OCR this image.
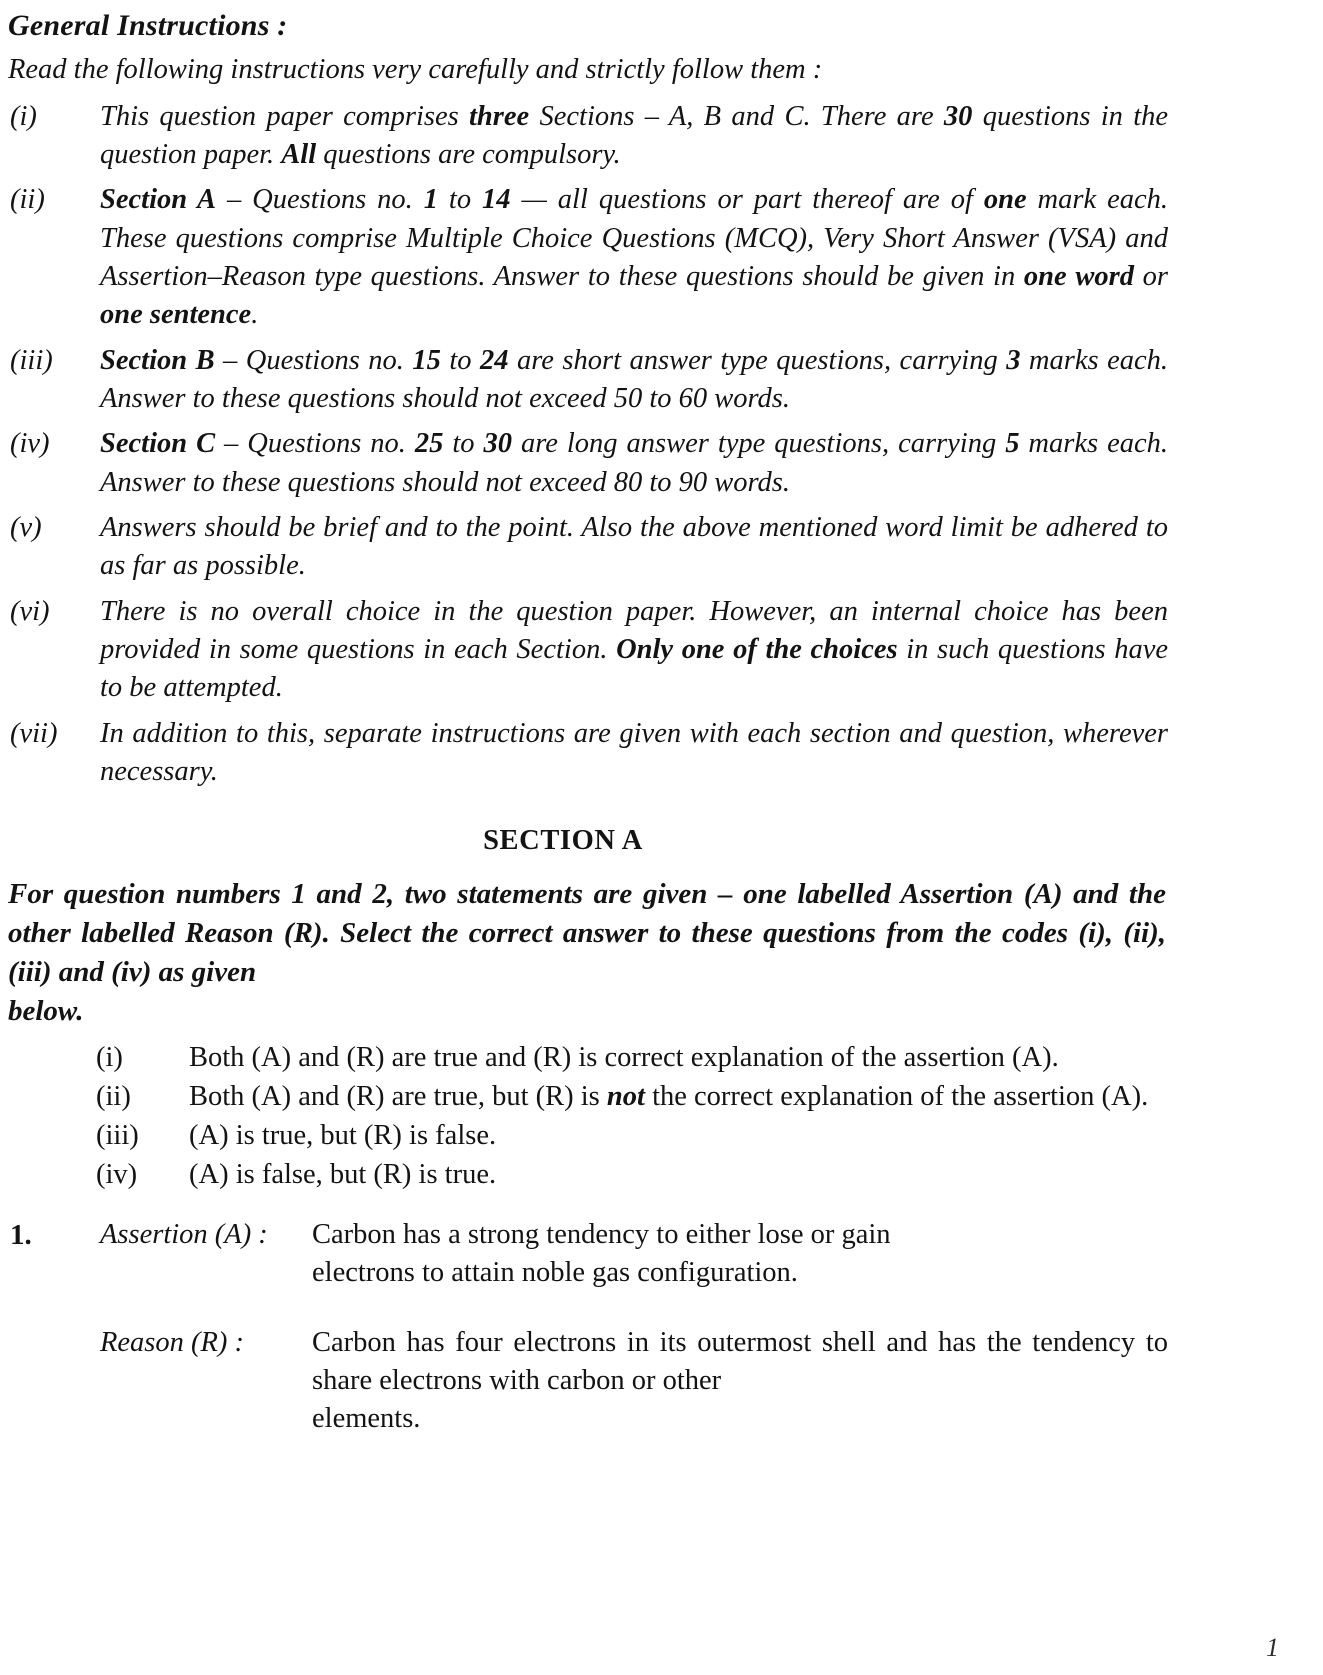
General Instructions :
Read the following instructions very carefully and strictly follow them :
(i)	This question paper comprises three Sections – A, B and C. There are 30 questions in the question paper. All questions are compulsory.
(ii)	Section A – Questions no. 1 to 14 — all questions or part thereof are of one mark each. These questions comprise Multiple Choice Questions (MCQ), Very Short Answer (VSA) and Assertion–Reason type questions. Answer to these questions should be given in one word or one sentence.
(iii)	Section B – Questions no. 15 to 24 are short answer type questions, carrying 3 marks each. Answer to these questions should not exceed 50 to 60 words.
(iv)	Section C – Questions no. 25 to 30 are long answer type questions, carrying 5 marks each. Answer to these questions should not exceed 80 to 90 words.
(v)	Answers should be brief and to the point. Also the above mentioned word limit be adhered to as far as possible.
(vi)	There is no overall choice in the question paper. However, an internal choice has been provided in some questions in each Section. Only one of the choices in such questions have to be attempted.
(vii)	In addition to this, separate instructions are given with each section and question, wherever necessary.
SECTION A
For question numbers 1 and 2, two statements are given – one labelled Assertion (A) and the other labelled Reason (R). Select the correct answer to these questions from the codes (i), (ii), (iii) and (iv) as given
below.
(i)	Both (A) and (R) are true and (R) is correct explanation of the assertion (A).
(ii)	Both (A) and (R) are true, but (R) is not the correct explanation of the assertion (A).
(iii)	(A) is true, but (R) is false.
(iv)	(A) is false, but (R) is true.
1.	Assertion (A) :	Carbon has a strong tendency to either lose or gain
electrons to attain noble gas configuration.
Reason (R) :	Carbon has four electrons in its outermost shell and has the tendency to share electrons with carbon or other
elements.
1
